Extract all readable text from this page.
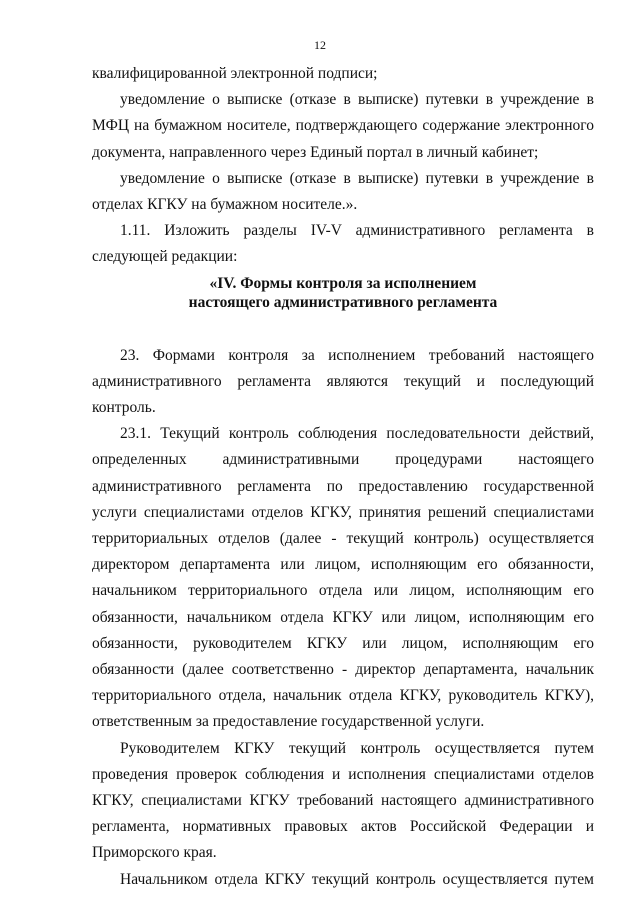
12

квалифицированной электронной подписи;

уведомление о выписке (отказе в выписке) путевки в учреждение в МФЦ на бумажном носителе, подтверждающего содержание электронного документа, направленного через Единый портал в личный кабинет;

уведомление о выписке (отказе в выписке) путевки в учреждение в отделах КГКУ на бумажном носителе.».

1.11. Изложить разделы IV-V административного регламента в следующей редакции:

«IV. Формы контроля за исполнением
настоящего административного регламента

23. Формами контроля за исполнением требований настоящего административного регламента являются текущий и последующий контроль.

23.1. Текущий контроль соблюдения последовательности действий, определенных административными процедурами настоящего административного регламента по предоставлению государственной услуги специалистами отделов КГКУ, принятия решений специалистами территориальных отделов (далее - текущий контроль) осуществляется директором департамента или лицом, исполняющим его обязанности, начальником территориального отдела или лицом, исполняющим его обязанности, начальником отдела КГКУ или лицом, исполняющим его обязанности, руководителем КГКУ или лицом, исполняющим его обязанности (далее соответственно - директор департамента, начальник территориального отдела, начальник отдела КГКУ, руководитель КГКУ), ответственным за предоставление государственной услуги.

Руководителем КГКУ текущий контроль осуществляется путем проведения проверок соблюдения и исполнения специалистами отделов КГКУ, специалистами КГКУ требований настоящего административного регламента, нормативных правовых актов Российской Федерации и Приморского края.

Начальником отдела КГКУ текущий контроль осуществляется путем
